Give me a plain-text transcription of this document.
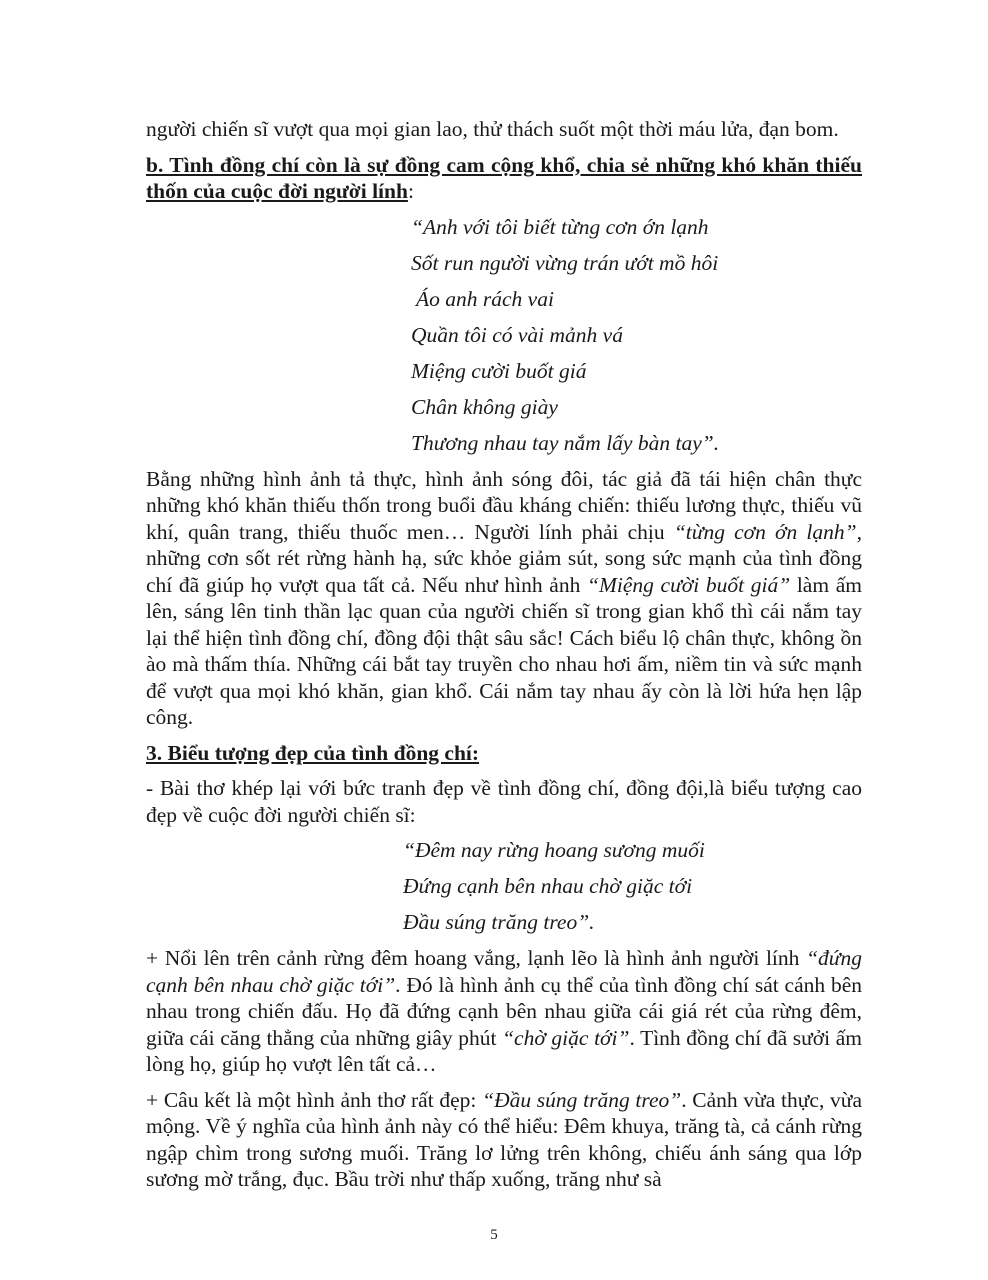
người chiến sĩ vượt qua mọi gian lao, thử thách suốt một thời máu lửa, đạn bom.

b. Tình đồng chí còn là sự đồng cam cộng khổ, chia sẻ những khó khăn thiếu thốn của cuộc đời người lính:

“Anh với tôi biết từng cơn ớn lạnh
Sốt run người vừng trán ướt mồ hôi
Áo anh rách vai
Quần tôi có vài mảnh vá
Miệng cười buốt giá
Chân không giày
Thương nhau tay nắm lấy bàn tay”.

Bằng những hình ảnh tả thực, hình ảnh sóng đôi, tác giả đã tái hiện chân thực những khó khăn thiếu thốn trong buổi đầu kháng chiến: thiếu lương thực, thiếu vũ khí, quân trang, thiếu thuốc men… Người lính phải chịu “từng cơn ớn lạnh”, những cơn sốt rét rừng hành hạ, sức khỏe giảm sút, song sức mạnh của tình đồng chí đã giúp họ vượt qua tất cả. Nếu như hình ảnh “Miệng cười buốt giá” làm ấm lên, sáng lên tinh thần lạc quan của người chiến sĩ trong gian khổ thì cái nắm tay lại thể hiện tình đồng chí, đồng đội thật sâu sắc! Cách biểu lộ chân thực, không ồn ào mà thấm thía. Những cái bắt tay truyền cho nhau hơi ấm, niềm tin và sức mạnh để vượt qua mọi khó khăn, gian khổ. Cái nắm tay nhau ấy còn là lời hứa hẹn lập công.

3. Biểu tượng đẹp của tình đồng chí:

- Bài thơ khép lại với bức tranh đẹp về tình đồng chí, đồng đội,là biểu tượng cao đẹp về cuộc đời người chiến sĩ:

“Đêm nay rừng hoang sương muối
Đứng cạnh bên nhau chờ giặc tới
Đầu súng trăng treo”.

+ Nổi lên trên cảnh rừng đêm hoang vắng, lạnh lẽo là hình ảnh người lính “đứng cạnh bên nhau chờ giặc tới”. Đó là hình ảnh cụ thể của tình đồng chí sát cánh bên nhau trong chiến đấu. Họ đã đứng cạnh bên nhau giữa cái giá rét của rừng đêm, giữa cái căng thẳng của những giây phút “chờ giặc tới”. Tình đồng chí đã sưởi ấm lòng họ, giúp họ vượt lên tất cả…

+ Câu kết là một hình ảnh thơ rất đẹp: “Đầu súng trăng treo”. Cảnh vừa thực, vừa mộng. Về ý nghĩa của hình ảnh này có thể hiểu: Đêm khuya, trăng tà, cả cánh rừng ngập chìm trong sương muối. Trăng lơ lửng trên không, chiếu ánh sáng qua lớp sương mờ trắng, đục. Bầu trời như thấp xuống, trăng như sà

5
